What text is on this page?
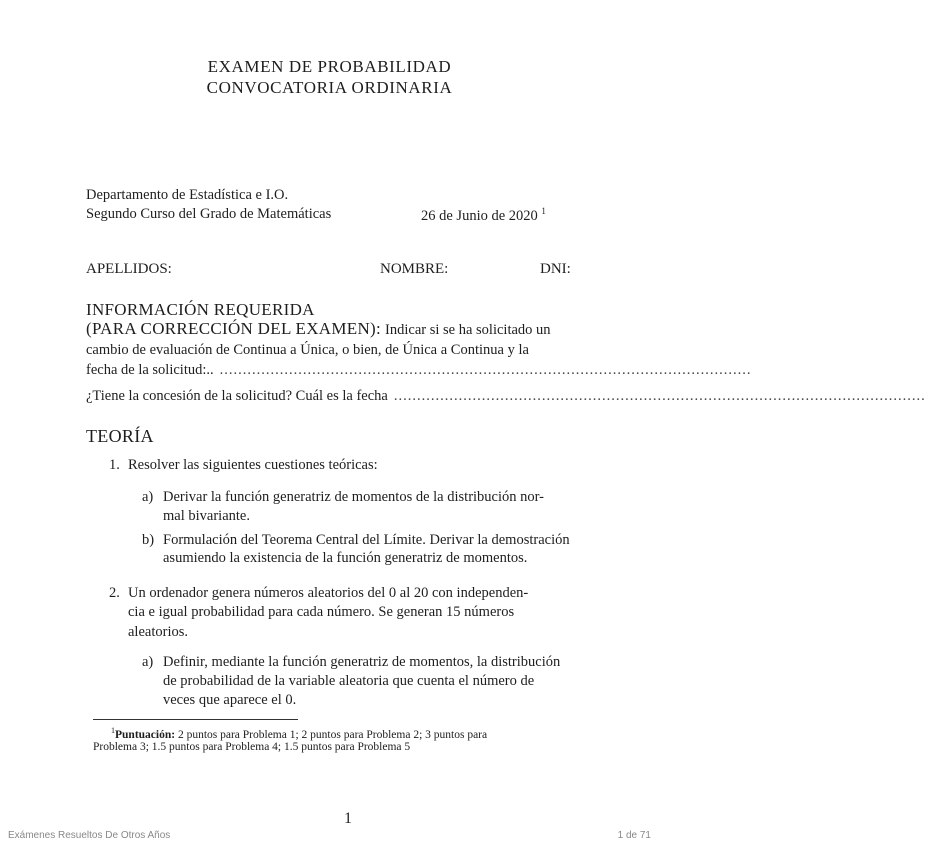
EXAMEN DE PROBABILIDAD
CONVOCATORIA ORDINARIA
Departamento de Estadística e I.O.
Segundo Curso del Grado de Matemáticas	26 de Junio de 2020 $^1$
APELLIDOS:	NOMBRE:	DNI:
INFORMACIÓN REQUERIDA
(PARA CORRECCIÓN DEL EXAMEN): Indicar si se ha solicitado un
cambio de evaluación de Continua a Única, o bien, de Única a Continua y la
fecha de la solicitud:.. ...................................................................................................................
¿Tiene la concesión de la solicitud? Cuál es la fecha ...................................................................................................................
TEORÍA
1. Resolver las siguientes cuestiones teóricas:
a) Derivar la función generatriz de momentos de la distribución nor-
mal bivariante.
b) Formulación del Teorema Central del Límite. Derivar la demostración
asumiendo la existencia de la función generatriz de momentos.
2. Un ordenador genera números aleatorios del 0 al 20 con independen-
cia e igual probabilidad para cada número. Se generan 15 números
aleatorios.
a) Definir, mediante la función generatriz de momentos, la distribución
de probabilidad de la variable aleatoria que cuenta el número de
veces que aparece el 0.
$^1$Puntuación: 2 puntos para Problema 1; 2 puntos para Problema 2; 3 puntos para
Problema 3; 1.5 puntos para Problema 4; 1.5 puntos para Problema 5
1
Exámenes Resueltos De Otros Años	1 de 71
